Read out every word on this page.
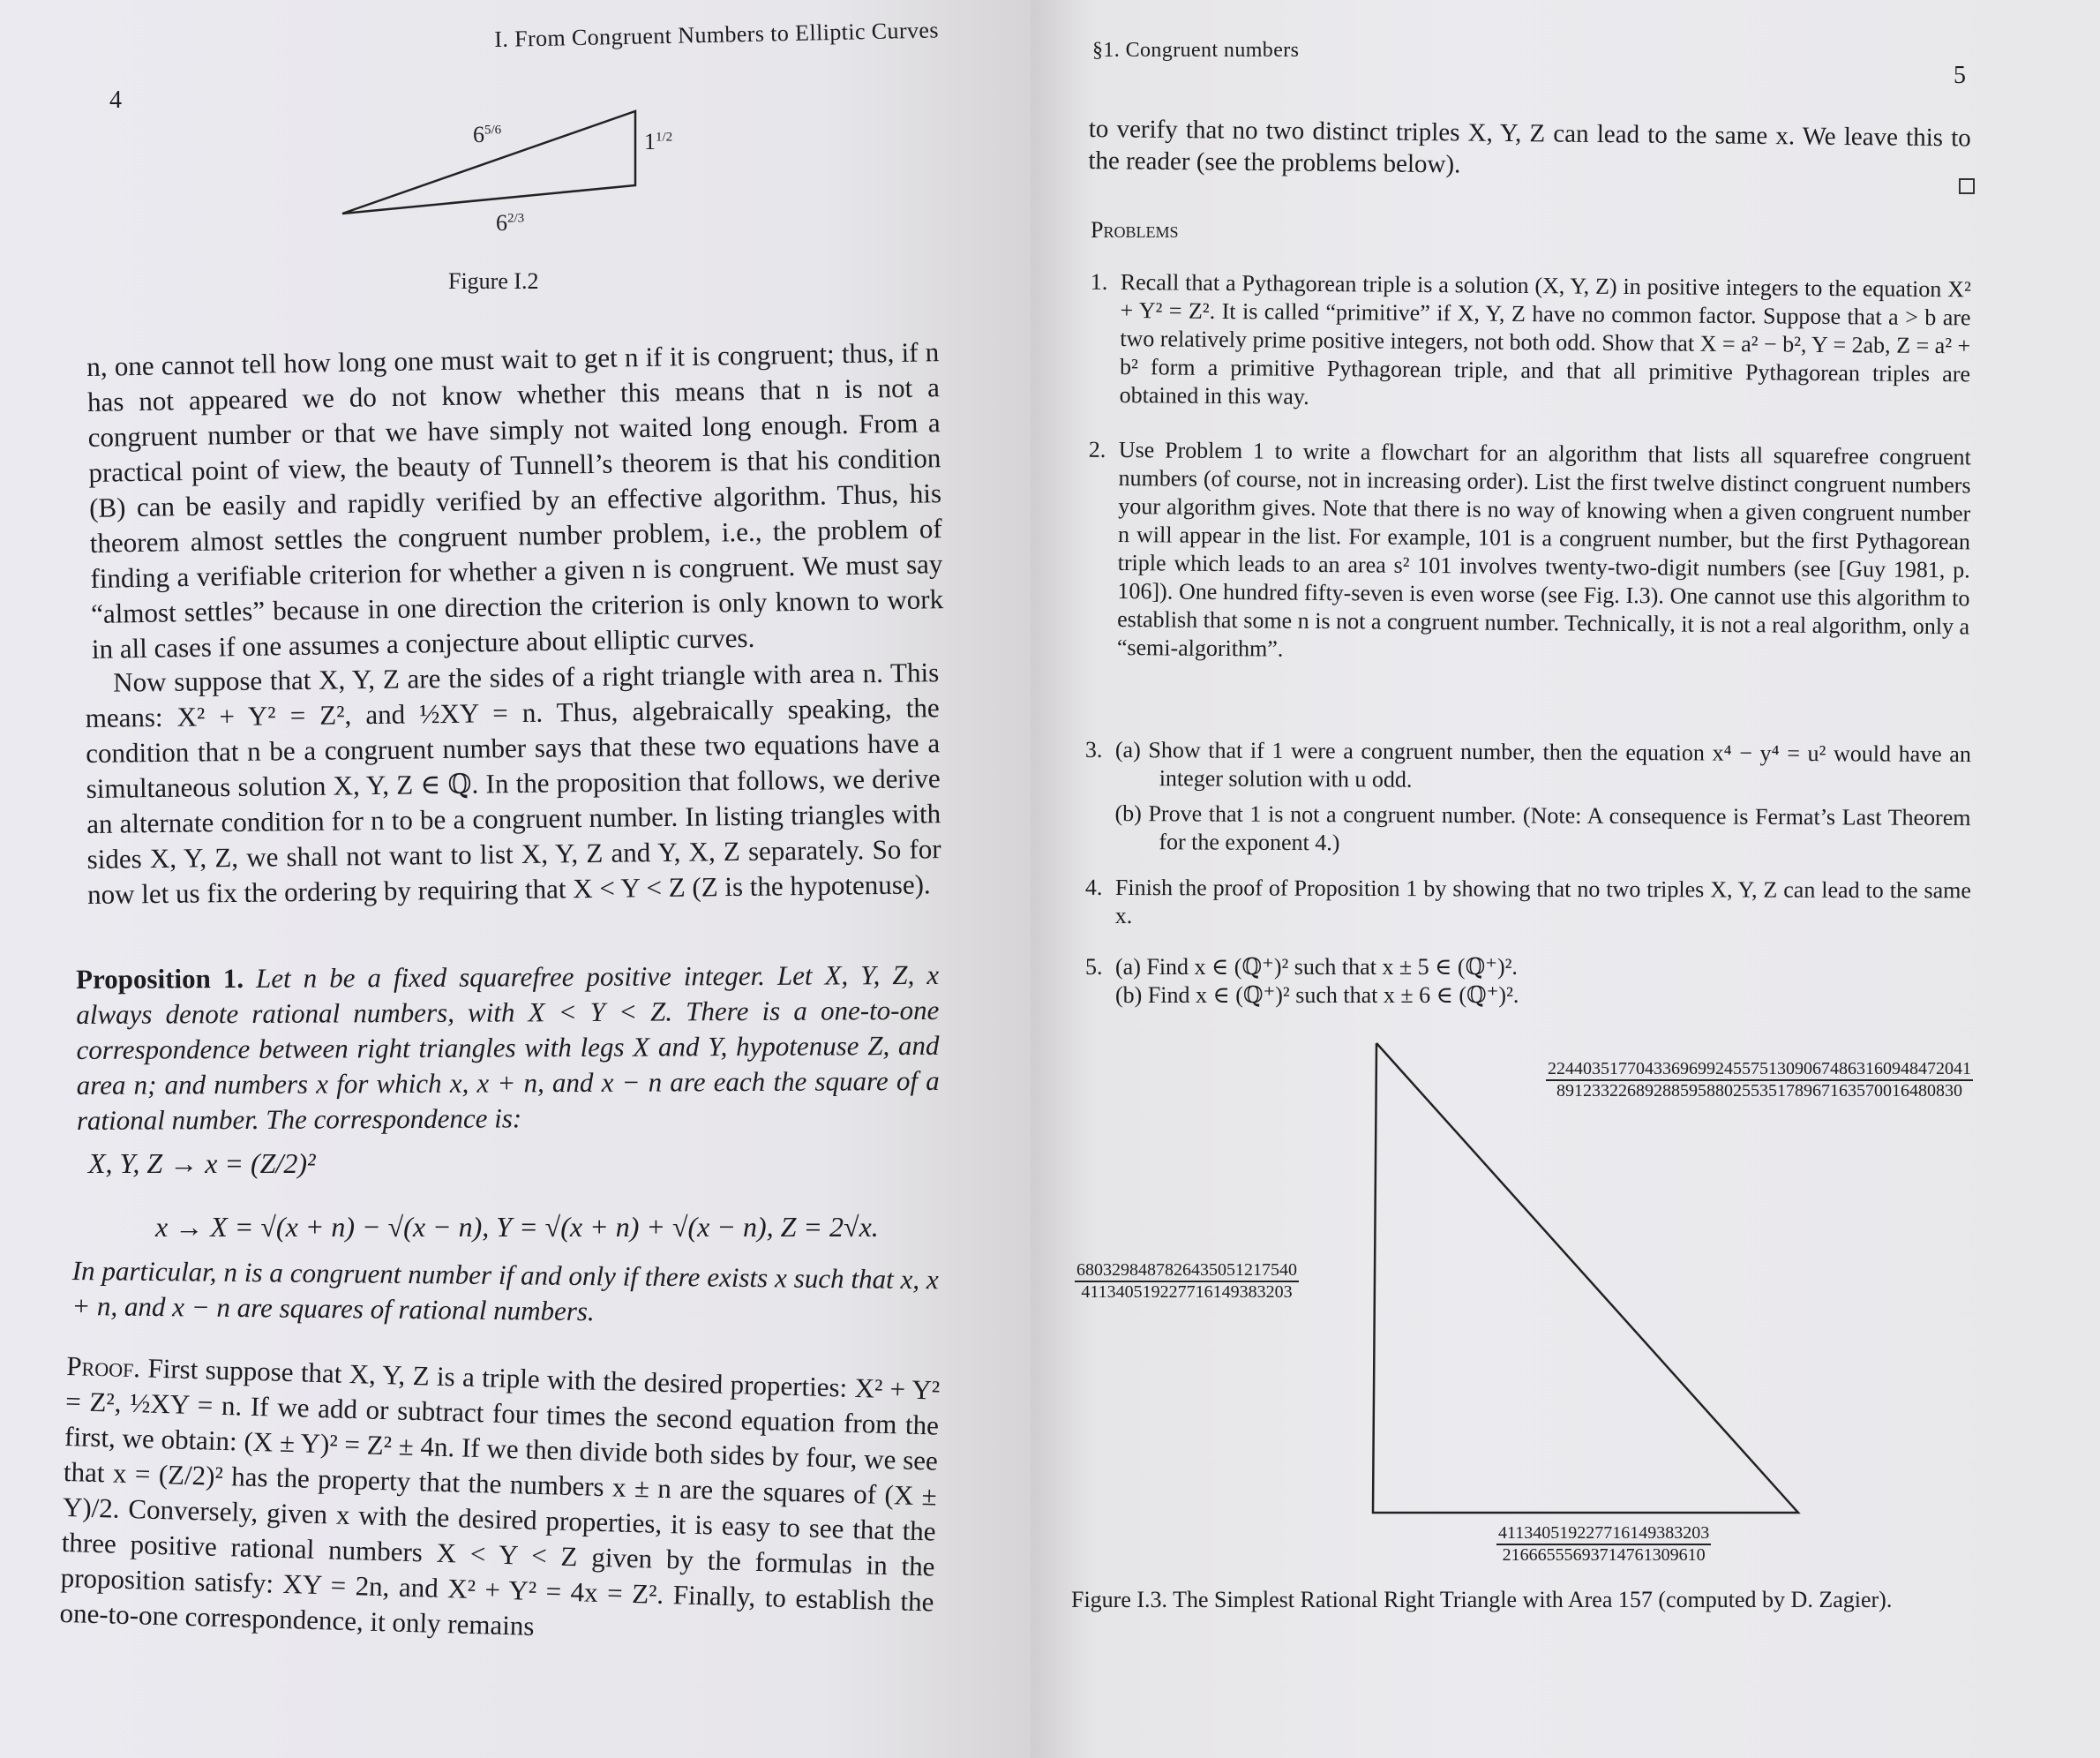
I. From Congruent Numbers to Elliptic Curves
4
$6^{5/6}$	$1^{1/2}$
$6^{2/3}$
Figure I.2
n, one cannot tell how long one must wait to get n if it is congruent; thus, if n has not appeared we do not know whether this means that n is not a congruent number or that we have simply not waited long enough. From a practical point of view, the beauty of Tunnell’s theorem is that his condition (B) can be easily and rapidly verified by an effective algorithm. Thus, his theorem almost settles the congruent number problem, i.e., the problem of finding a verifiable criterion for whether a given n is congruent. We must say “almost settles” because in one direction the criterion is only known to work in all cases if one assumes a conjecture about elliptic curves.
Now suppose that X, Y, Z are the sides of a right triangle with area n. This means: X² + Y² = Z², and ½XY = n. Thus, algebraically speaking, the condition that n be a congruent number says that these two equations have a simultaneous solution X, Y, Z ∈ ℚ. In the proposition that follows, we derive an alternate condition for n to be a congruent number. In listing triangles with sides X, Y, Z, we shall not want to list X, Y, Z and Y, X, Z separately. So for now let us fix the ordering by requiring that X < Y < Z (Z is the hypotenuse).
Proposition 1. Let n be a fixed squarefree positive integer. Let X, Y, Z, x always denote rational numbers, with X < Y < Z. There is a one-to-one correspondence between right triangles with legs X and Y, hypotenuse Z, and area n; and numbers x for which x, x + n, and x − n are each the square of a rational number. The correspondence is:
X, Y, Z → x = (Z/2)²
x → X = √(x + n) − √(x − n), Y = √(x + n) + √(x − n), Z = 2√x.
In particular, n is a congruent number if and only if there exists x such that x, x + n, and x − n are squares of rational numbers.
Proof. First suppose that X, Y, Z is a triple with the desired properties: X² + Y² = Z², ½XY = n. If we add or subtract four times the second equation from the first, we obtain: (X ± Y)² = Z² ± 4n. If we then divide both sides by four, we see that x = (Z/2)² has the property that the numbers x ± n are the squares of (X ± Y)/2. Conversely, given x with the desired properties, it is easy to see that the three positive rational numbers X < Y < Z given by the formulas in the proposition satisfy: XY = 2n, and X² + Y² = 4x = Z². Finally, to establish the one-to-one correspondence, it only remains
§1. Congruent numbers
5
to verify that no two distinct triples X, Y, Z can lead to the same x. We leave this to the reader (see the problems below).
Problems
1. Recall that a Pythagorean triple is a solution (X, Y, Z) in positive integers to the equation X² + Y² = Z². It is called “primitive” if X, Y, Z have no common factor. Suppose that a > b are two relatively prime positive integers, not both odd. Show that X = a² − b², Y = 2ab, Z = a² + b² form a primitive Pythagorean triple, and that all primitive Pythagorean triples are obtained in this way.
2. Use Problem 1 to write a flowchart for an algorithm that lists all squarefree congruent numbers (of course, not in increasing order). List the first twelve distinct congruent numbers your algorithm gives. Note that there is no way of knowing when a given congruent number n will appear in the list. For example, 101 is a congruent number, but the first Pythagorean triple which leads to an area s² 101 involves twenty-two-digit numbers (see [Guy 1981, p. 106]). One hundred fifty-seven is even worse (see Fig. I.3). One cannot use this algorithm to establish that some n is not a congruent number. Technically, it is not a real algorithm, only a “semi-algorithm”.
3. (a) Show that if 1 were a congruent number, then the equation x⁴ − y⁴ = u² would have an integer solution with u odd.
(b) Prove that 1 is not a congruent number. (Note: A consequence is Fermat’s Last Theorem for the exponent 4.)
4. Finish the proof of Proposition 1 by showing that no two triples X, Y, Z can lead to the same x.
5. (a) Find x ∈ (ℚ⁺)² such that x ± 5 ∈ (ℚ⁺)².
(b) Find x ∈ (ℚ⁺)² such that x ± 6 ∈ (ℚ⁺)².
$\frac{224403517704336969924557513090674863160948472041}{8912332268928859588025535178967163570016480830}$
$\frac{6803298487826435051217540}{411340519227716149383203}$
$\frac{411340519227716149383203}{21666555693714761309610}$
Figure I.3. The Simplest Rational Right Triangle with Area 157 (computed by D. Zagier).
